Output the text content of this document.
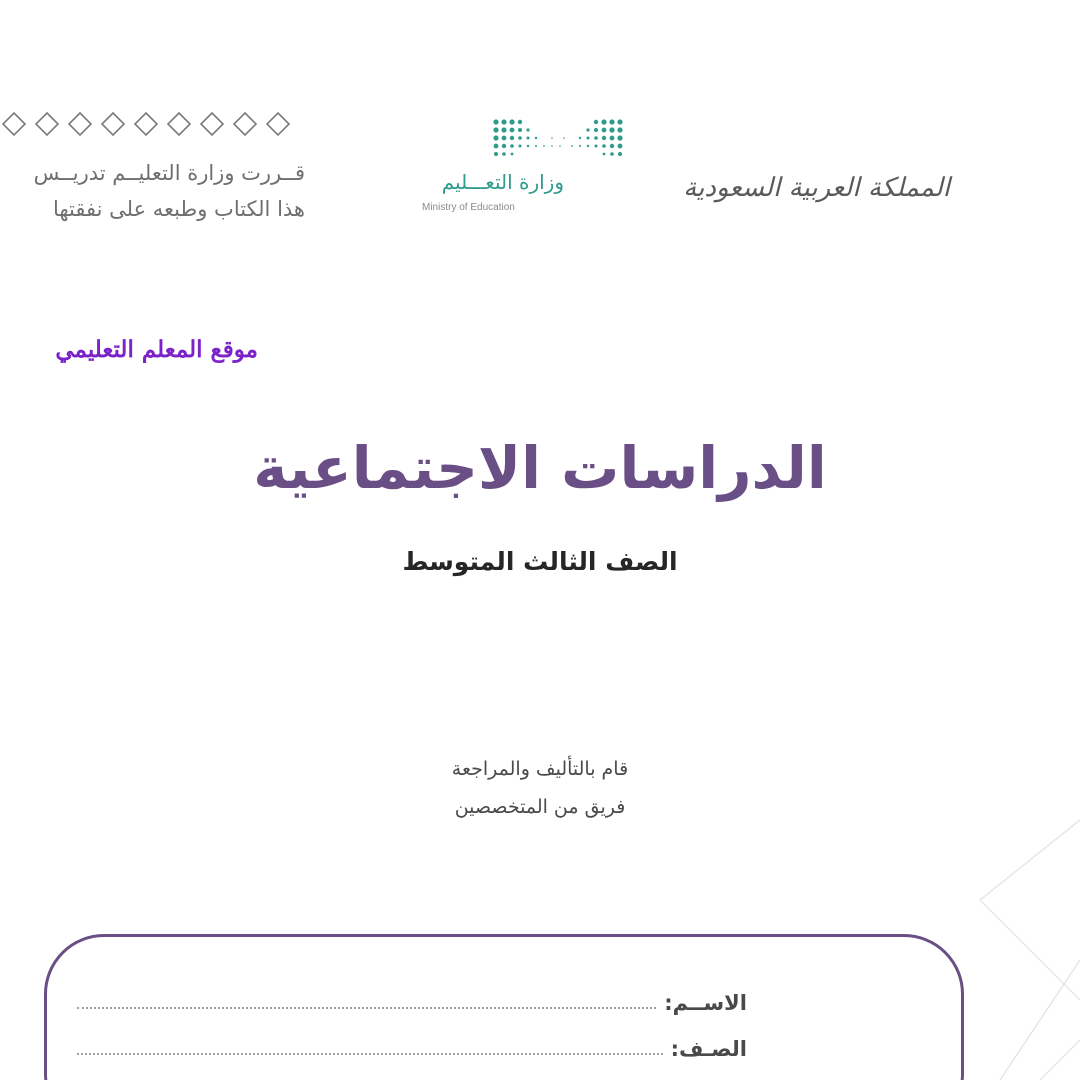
قــررت وزارة التعليــم تدريــس
هذا الكتاب وطبعه على نفقتها
وزارة التعـــليم
Ministry of Education
المملكة العربية السعودية
موقع المعلم التعليمي
الدراسات الاجتماعية
الصف الثالث المتوسط
قام بالتأليف والمراجعة
فريق من المتخصصين
الاســم:
الصـف:
